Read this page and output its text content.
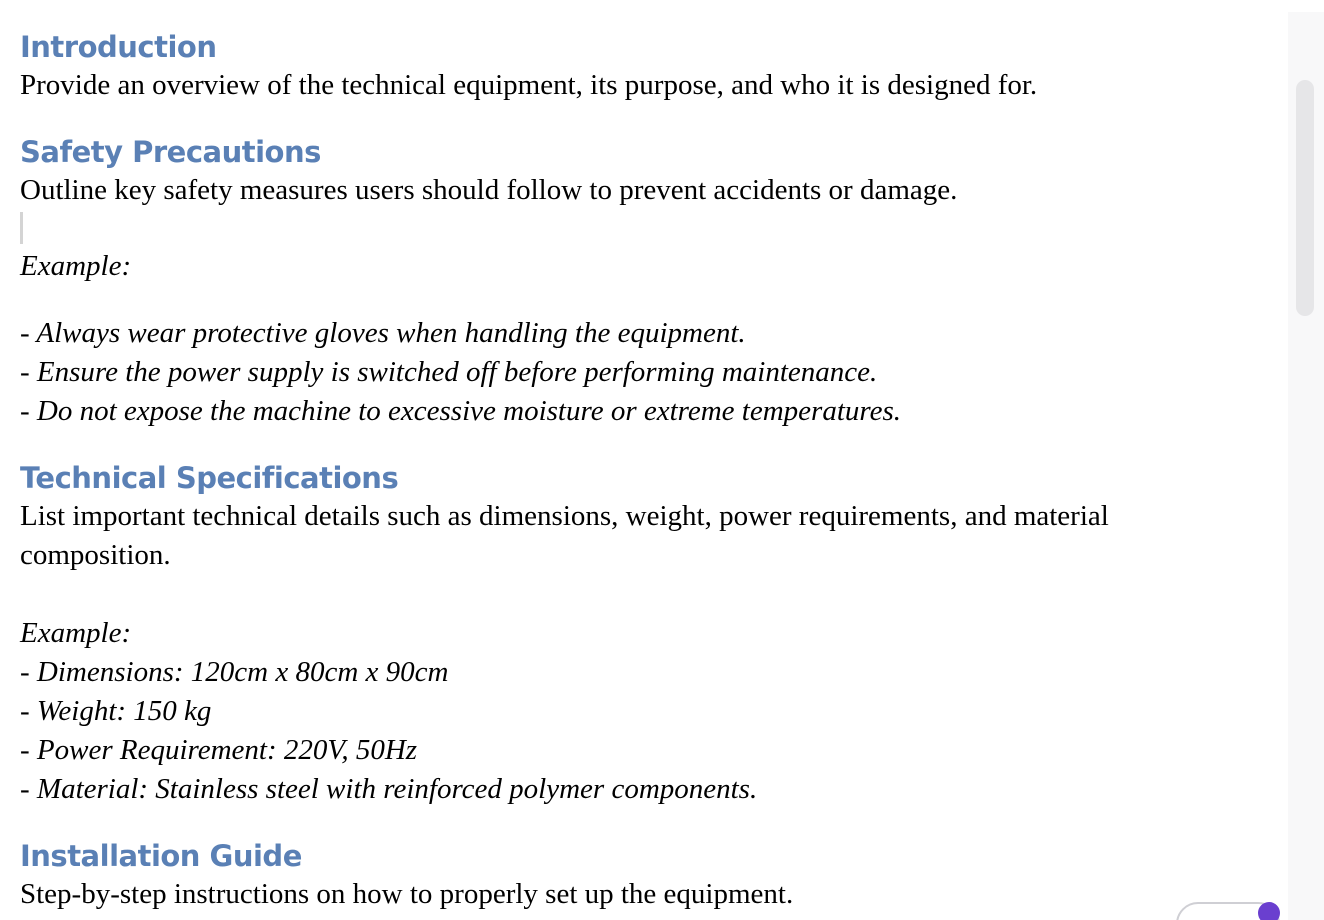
Introduction

Provide an overview of the technical equipment, its purpose, and who it is designed for.

Safety Precautions

Outline key safety measures users should follow to prevent accidents or damage.

Example:

- Always wear protective gloves when handling the equipment.

- Ensure the power supply is switched off before performing maintenance.

- Do not expose the machine to excessive moisture or extreme temperatures.

Technical Specifications

List important technical details such as dimensions, weight, power requirements, and material composition.

Example:

- Dimensions: 120cm x 80cm x 90cm

- Weight: 150 kg

- Power Requirement: 220V, 50Hz

- Material: Stainless steel with reinforced polymer components.

Installation Guide

Step-by-step instructions on how to properly set up the equipment.
